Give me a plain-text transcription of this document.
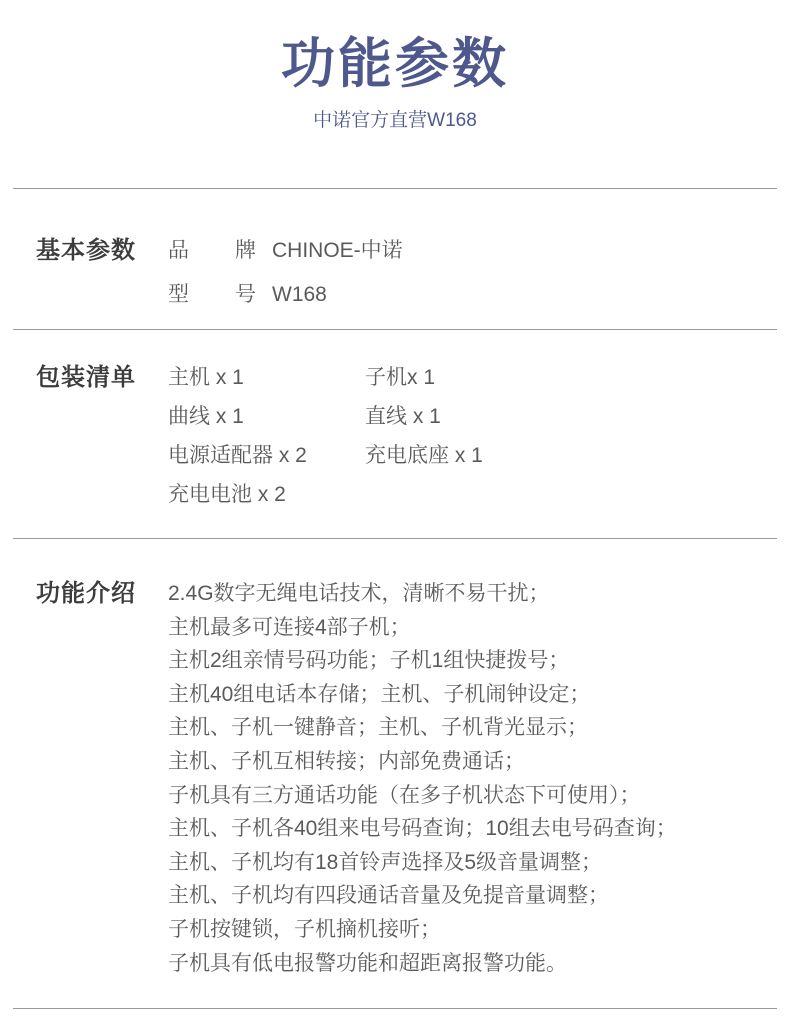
功能参数
中诺官方直营W168
基本参数	品牌 CHINOE-中诺
型号 W168
包装清单	主机 x 1	子机x 1
曲线 x 1	直线 x 1
电源适配器 x 2	充电底座 x 1
充电电池 x 2
功能介绍	2.4G数字无绳电话技术，清晰不易干扰；
主机最多可连接4部子机；
主机2组亲情号码功能；子机1组快捷拨号；
主机40组电话本存储；主机、子机闹钟设定；
主机、子机一键静音；主机、子机背光显示；
主机、子机互相转接；内部免费通话；
子机具有三方通话功能（在多子机状态下可使用）；
主机、子机各40组来电号码查询；10组去电号码查询；
主机、子机均有18首铃声选择及5级音量调整；
主机、子机均有四段通话音量及免提音量调整；
子机按键锁，子机摘机接听；
子机具有低电报警功能和超距离报警功能。
